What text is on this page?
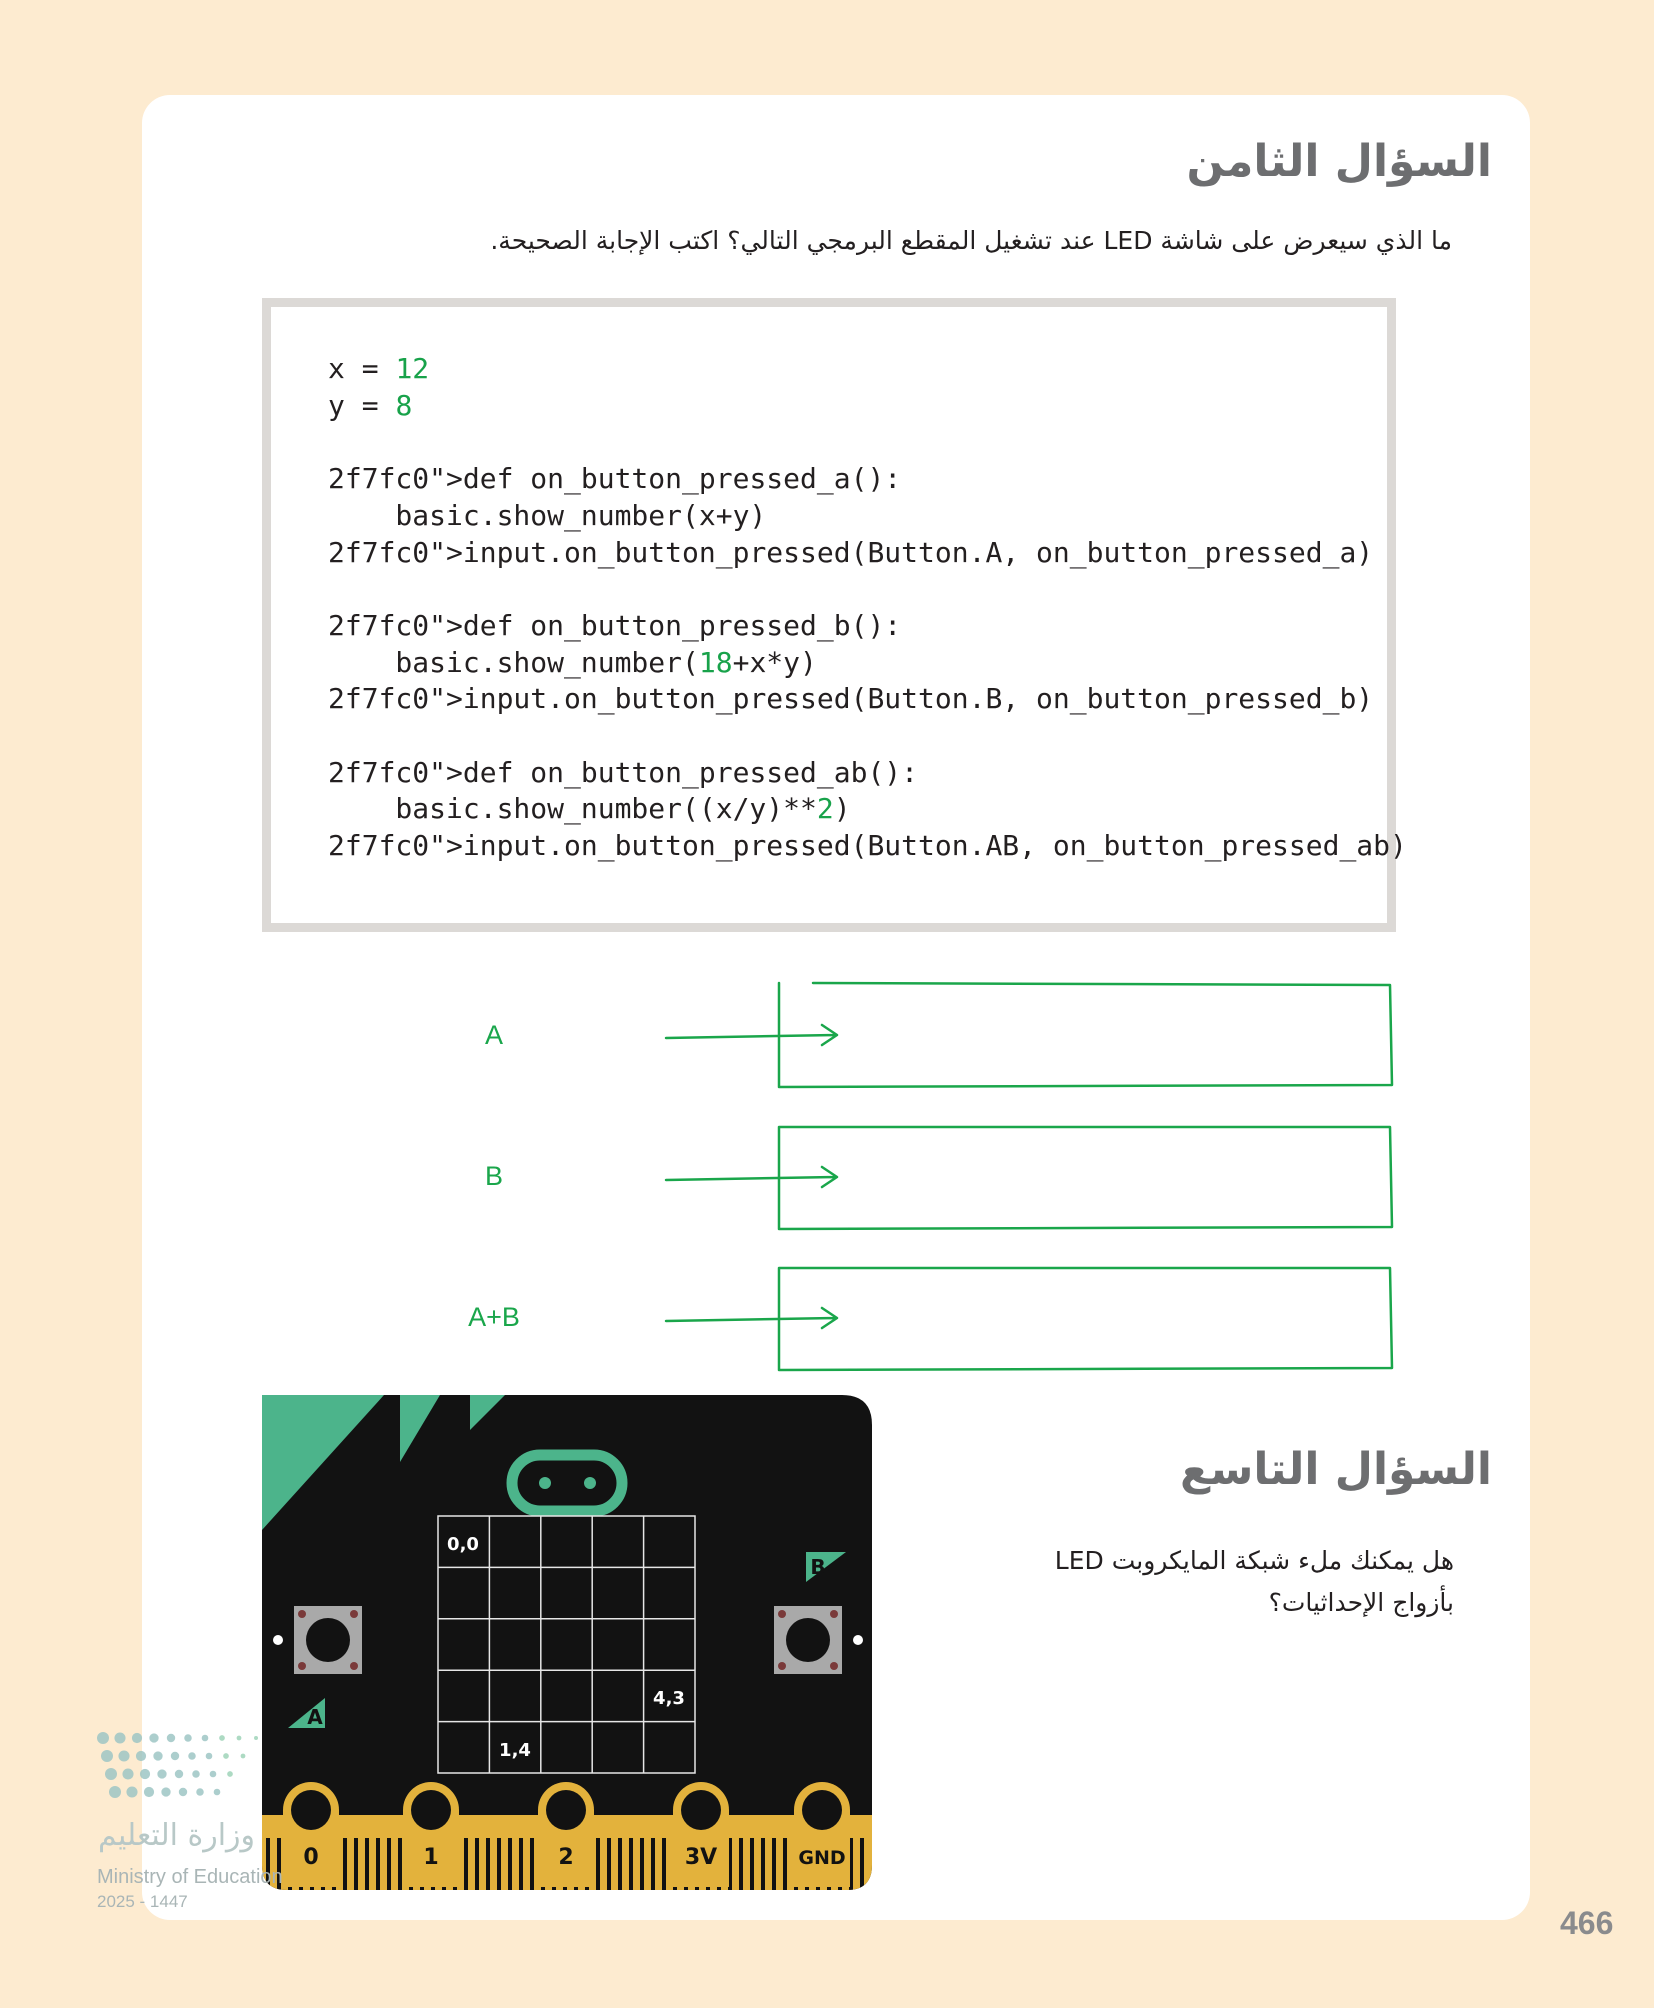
السؤال الثامن
ما الذي سيعرض على شاشة LED عند تشغيل المقطع البرمجي التالي؟ اكتب الإجابة الصحيحة.
x = 12
y = 8

2f7fc0">def on_button_pressed_a():
basic.show_number(x+y)
2f7fc0">input.on_button_pressed(Button.A, on_button_pressed_a)

2f7fc0">def on_button_pressed_b():
basic.show_number(18+x*y)
2f7fc0">input.on_button_pressed(Button.B, on_button_pressed_b)

2f7fc0">def on_button_pressed_ab():
basic.show_number((x/y)**2)
2f7fc0">input.on_button_pressed(Button.AB, on_button_pressed_ab)
A
B
A+B
السؤال التاسع
هل يمكنك ملء شبكة المايكروبت LED
بأزواج الإحداثيات؟
0,0
4,3
1,4
A
B
0	1	2	3V	GND
وزارة التعليم
Ministry of Education
2025 - 1447
466
